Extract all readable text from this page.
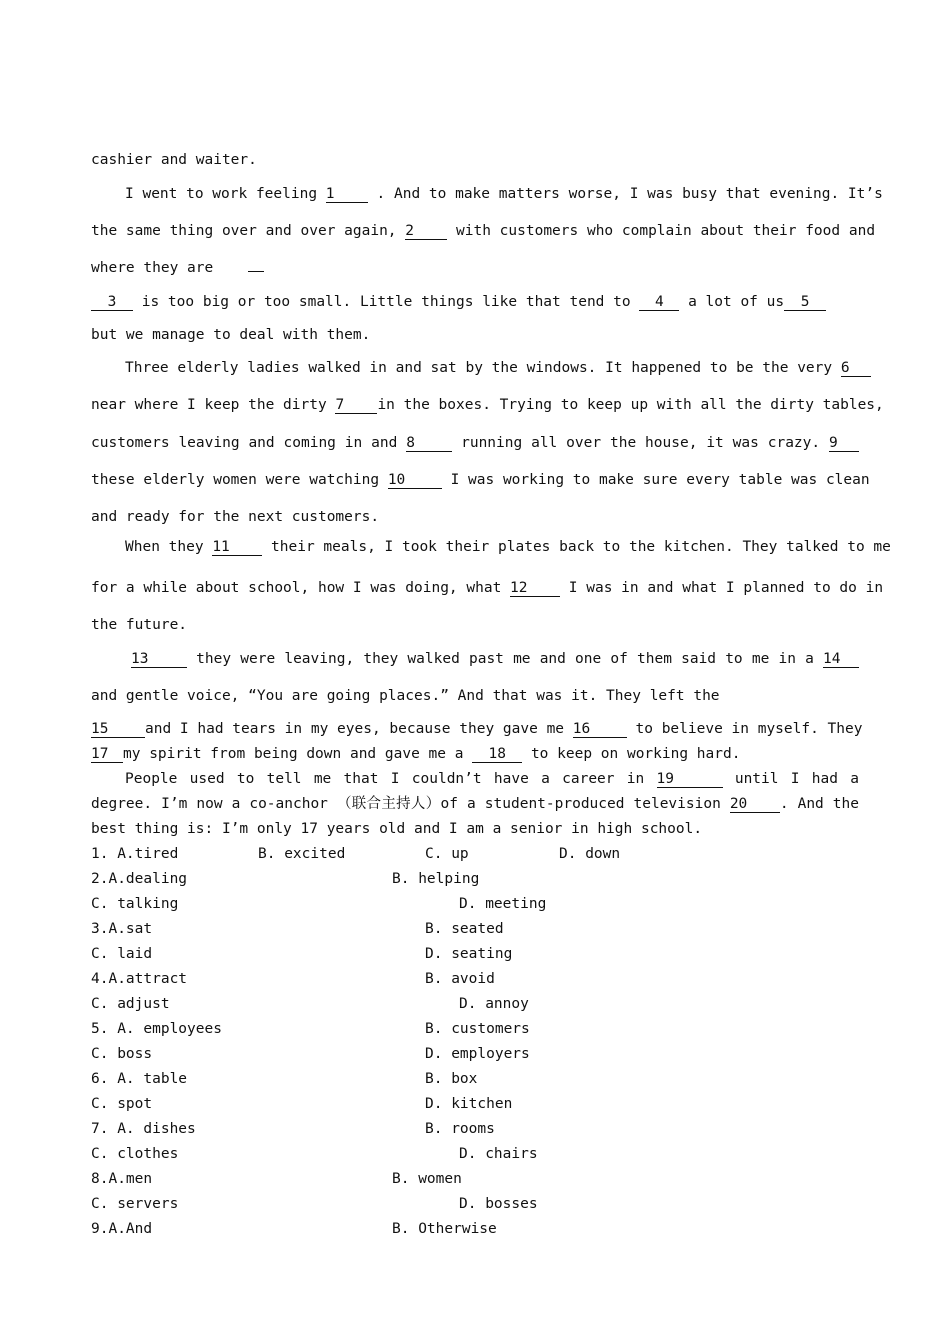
cashier and waiter.
I went to work feeling 1	. And to make matters worse, I was busy that evening. It’s
the same thing over and over again, 2	with customers who complain about their food and
where they are
3 is too big or too small. Little things like that tend to 4 a lot of us 5
but we manage to deal with them.
Three elderly ladies walked in and sat by the windows. It happened to be the very 6
near where I keep the dirty 7 in the boxes. Trying to keep up with all the dirty tables,
customers leaving and coming in and 8	running all over the house, it was crazy. 9
these elderly women were watching 10	I was working to make sure every table was clean
and ready for the next customers.
When they 11	their meals, I took their plates back to the kitchen. They talked to me
for a while about school, how I was doing, what 12	I was in and what I planned to do in
the future.
13	they were leaving, they walked past me and one of them said to me in a 14
and gentle voice, “You are going places.” And that was it. They left the
15	and I had tears in my eyes, because they gave me 16	to believe in myself. They
17 my spirit from being down and gave me a 18 to keep on working hard.
People used to tell me that I couldn’t have a career in 19	until I had a
degree. I’m now a co-anchor （联合主持人）of a student-produced television 20 . And the
best thing is: I’m only 17 years old and I am a senior in high school.
1. A.tired	B. excited	C. up	D. down
2.A.dealing	B. helping
C. talking	D. meeting
3.A.sat	B. seated
C. laid	D. seating
4.A.attract	B. avoid
C. adjust	D. annoy
5. A. employees	B. customers
C. boss	D. employers
6. A. table	B. box
C. spot	D. kitchen
7. A. dishes	B. rooms
C. clothes	D. chairs
8.A.men	B. women
C. servers	D. bosses
9.A.And	B. Otherwise
